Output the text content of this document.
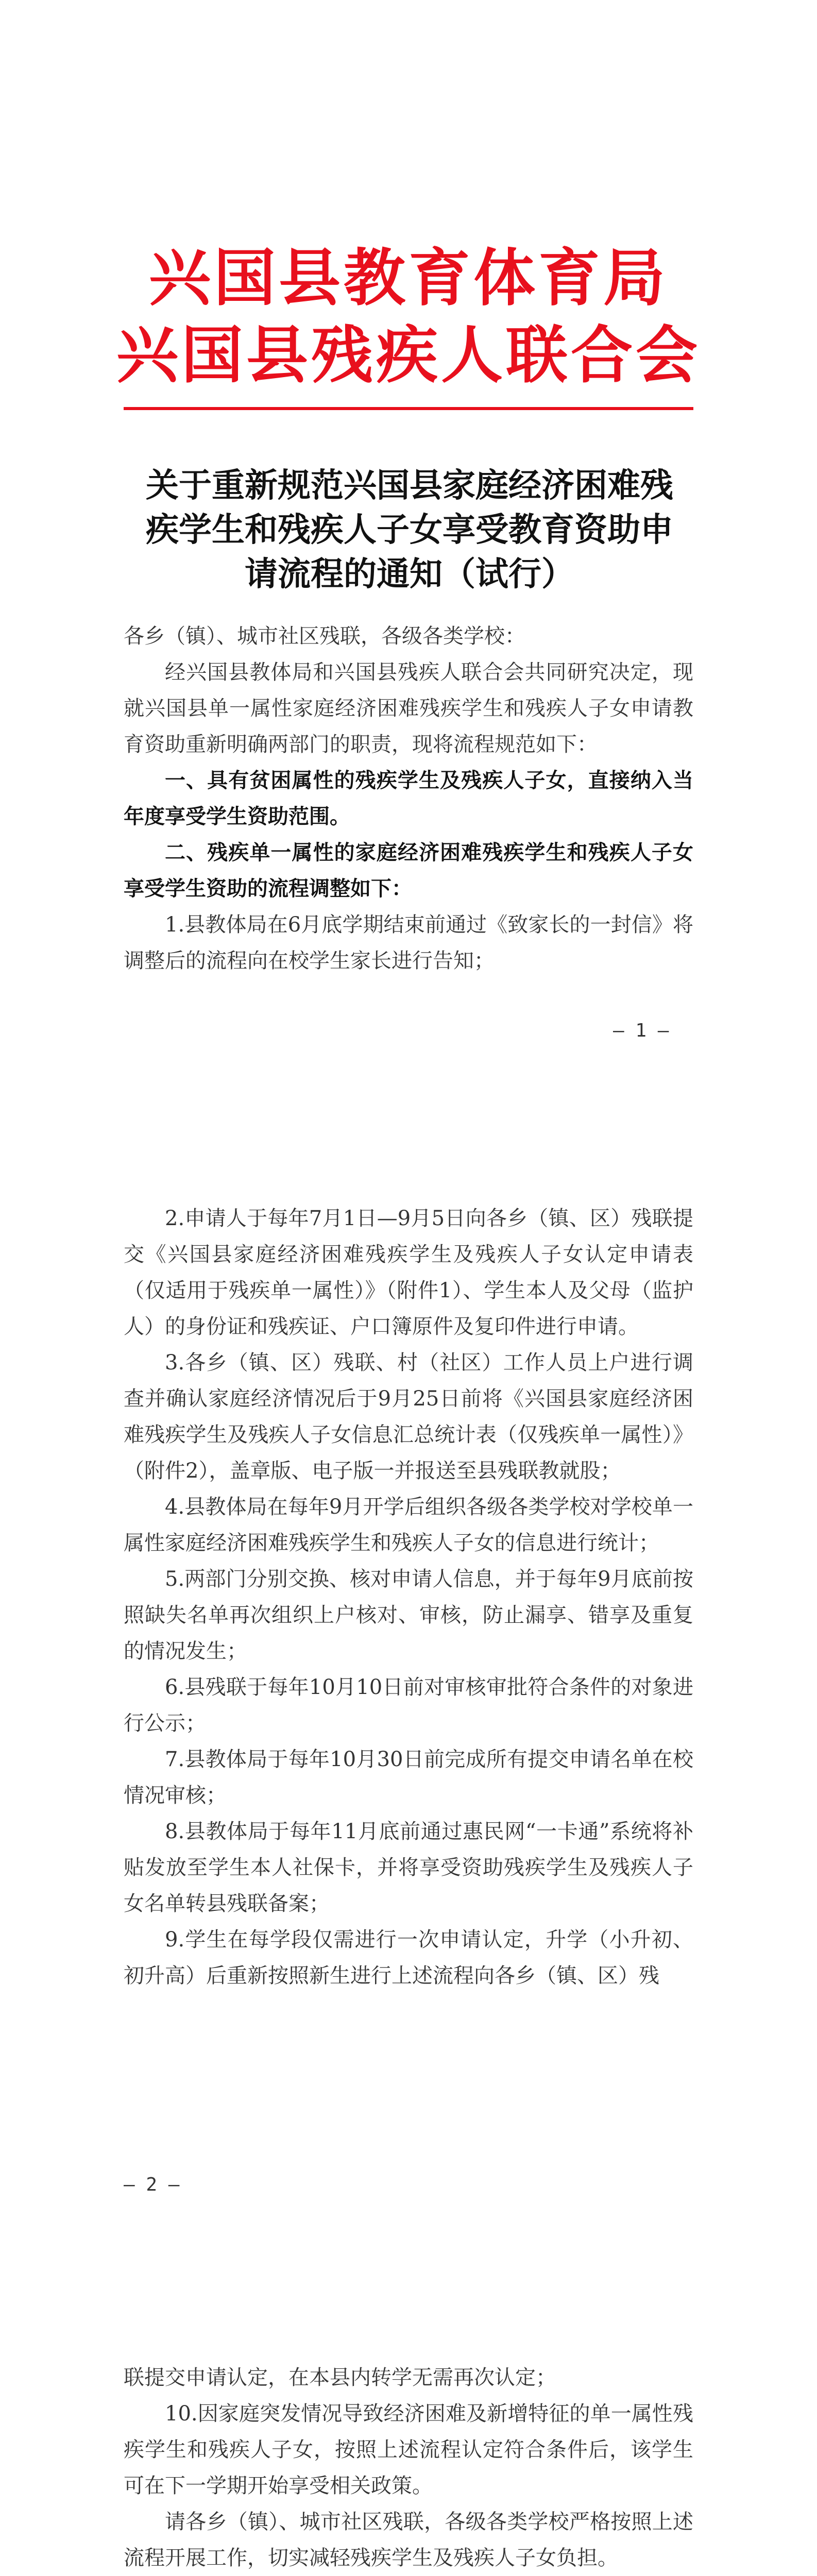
兴国县教育体育局
兴国县残疾人联合会
关于重新规范兴国县家庭经济困难残疾学生和残疾人子女享受教育资助申请流程的通知（试行）

各乡（镇）、城市社区残联，各级各类学校：

经兴国县教体局和兴国县残疾人联合会共同研究决定，现就兴国县单一属性家庭经济困难残疾学生和残疾人子女申请教育资助重新明确两部门的职责，现将流程规范如下：

一、具有贫困属性的残疾学生及残疾人子女，直接纳入当年度享受学生资助范围。

二、残疾单一属性的家庭经济困难残疾学生和残疾人子女享受学生资助的流程调整如下：

1.县教体局在6月底学期结束前通过《致家长的一封信》将调整后的流程向在校学生家长进行告知；

— 1 —

2.申请人于每年7月1日—9月5日向各乡（镇、区）残联提交《兴国县家庭经济困难残疾学生及残疾人子女认定申请表（仅适用于残疾单一属性）》（附件1）、学生本人及父母（监护人）的身份证和残疾证、户口簿原件及复印件进行申请。

3.各乡（镇、区）残联、村（社区）工作人员上户进行调查并确认家庭经济情况后于9月25日前将《兴国县家庭经济困难残疾学生及残疾人子女信息汇总统计表（仅残疾单一属性）》（附件2），盖章版、电子版一并报送至县残联教就股；

4.县教体局在每年9月开学后组织各级各类学校对学校单一属性家庭经济困难残疾学生和残疾人子女的信息进行统计；

5.两部门分别交换、核对申请人信息，并于每年9月底前按照缺失名单再次组织上户核对、审核，防止漏享、错享及重复的情况发生；

6.县残联于每年10月10日前对审核审批符合条件的对象进行公示；

7.县教体局于每年10月30日前完成所有提交申请名单在校情况审核；

8.县教体局于每年11月底前通过惠民网“一卡通”系统将补贴发放至学生本人社保卡，并将享受资助残疾学生及残疾人子女名单转县残联备案；

9.学生在每学段仅需进行一次申请认定，升学（小升初、初升高）后重新按照新生进行上述流程向各乡（镇、区）残

— 2 —

联提交申请认定，在本县内转学无需再次认定；

10.因家庭突发情况导致经济困难及新增特征的单一属性残疾学生和残疾人子女，按照上述流程认定符合条件后，该学生可在下一学期开始享受相关政策。

请各乡（镇）、城市社区残联，各级各类学校严格按照上述流程开展工作，切实减轻残疾学生及残疾人子女负担。
